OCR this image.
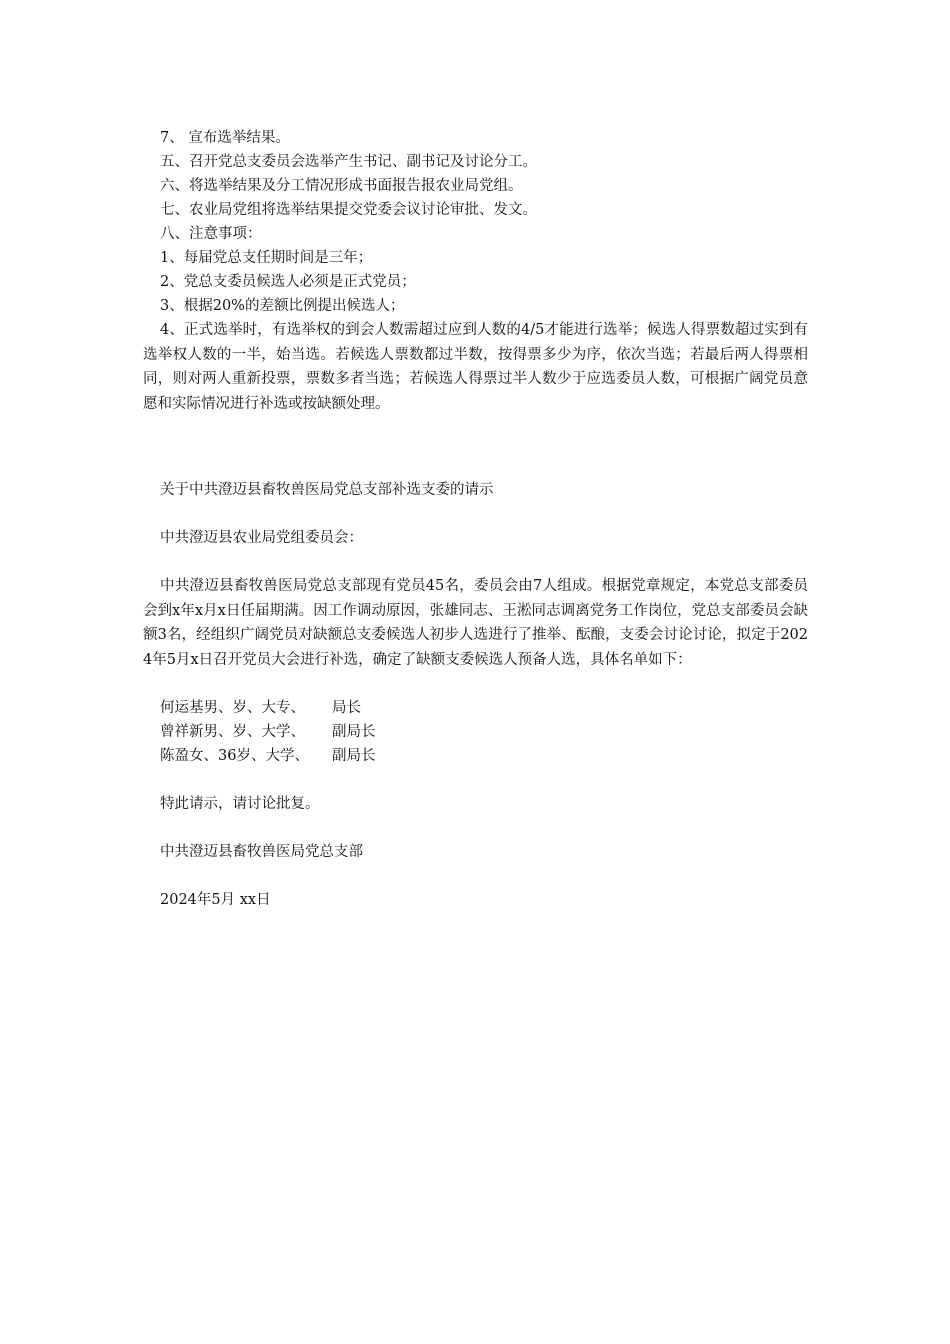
7、 宣布选举结果。
五、召开党总支委员会选举产生书记、副书记及讨论分工。
六、将选举结果及分工情况形成书面报告报农业局党组。
七、农业局党组将选举结果提交党委会议讨论审批、发文。
八、注意事项：
1、每届党总支任期时间是三年；
2、党总支委员候选人必须是正式党员；
3、根据20%的差额比例提出候选人；
4、正式选举时，有选举权的到会人数需超过应到人数的4/5才能进行选举；候选人得票数超过实到有选举权人数的一半，始当选。若候选人票数都过半数，按得票多少为序，依次当选；若最后两人得票相同，则对两人重新投票，票数多者当选；若候选人得票过半人数少于应选委员人数，可根据广阔党员意愿和实际情况进行补选或按缺额处理。
关于中共澄迈县畜牧兽医局党总支部补选支委的请示
中共澄迈县农业局党组委员会：
中共澄迈县畜牧兽医局党总支部现有党员45名，委员会由7人组成。根据党章规定，本党总支部委员会到x年x月x日任届期满。因工作调动原因，张雄同志、王淞同志调离党务工作岗位，党总支部委员会缺额3名，经组织广阔党员对缺额总支委候选人初步人选进行了推举、酝酿，支委会讨论讨论，拟定于2024年5月x日召开党员大会进行补选，确定了缺额支委候选人预备人选，具体名单如下：
何运基男、岁、大专、 局长
曾祥新男、岁、大学、 副局长
陈盈女、36岁、大学、 副局长
特此请示，请讨论批复。
中共澄迈县畜牧兽医局党总支部
2024年5月 xx日
